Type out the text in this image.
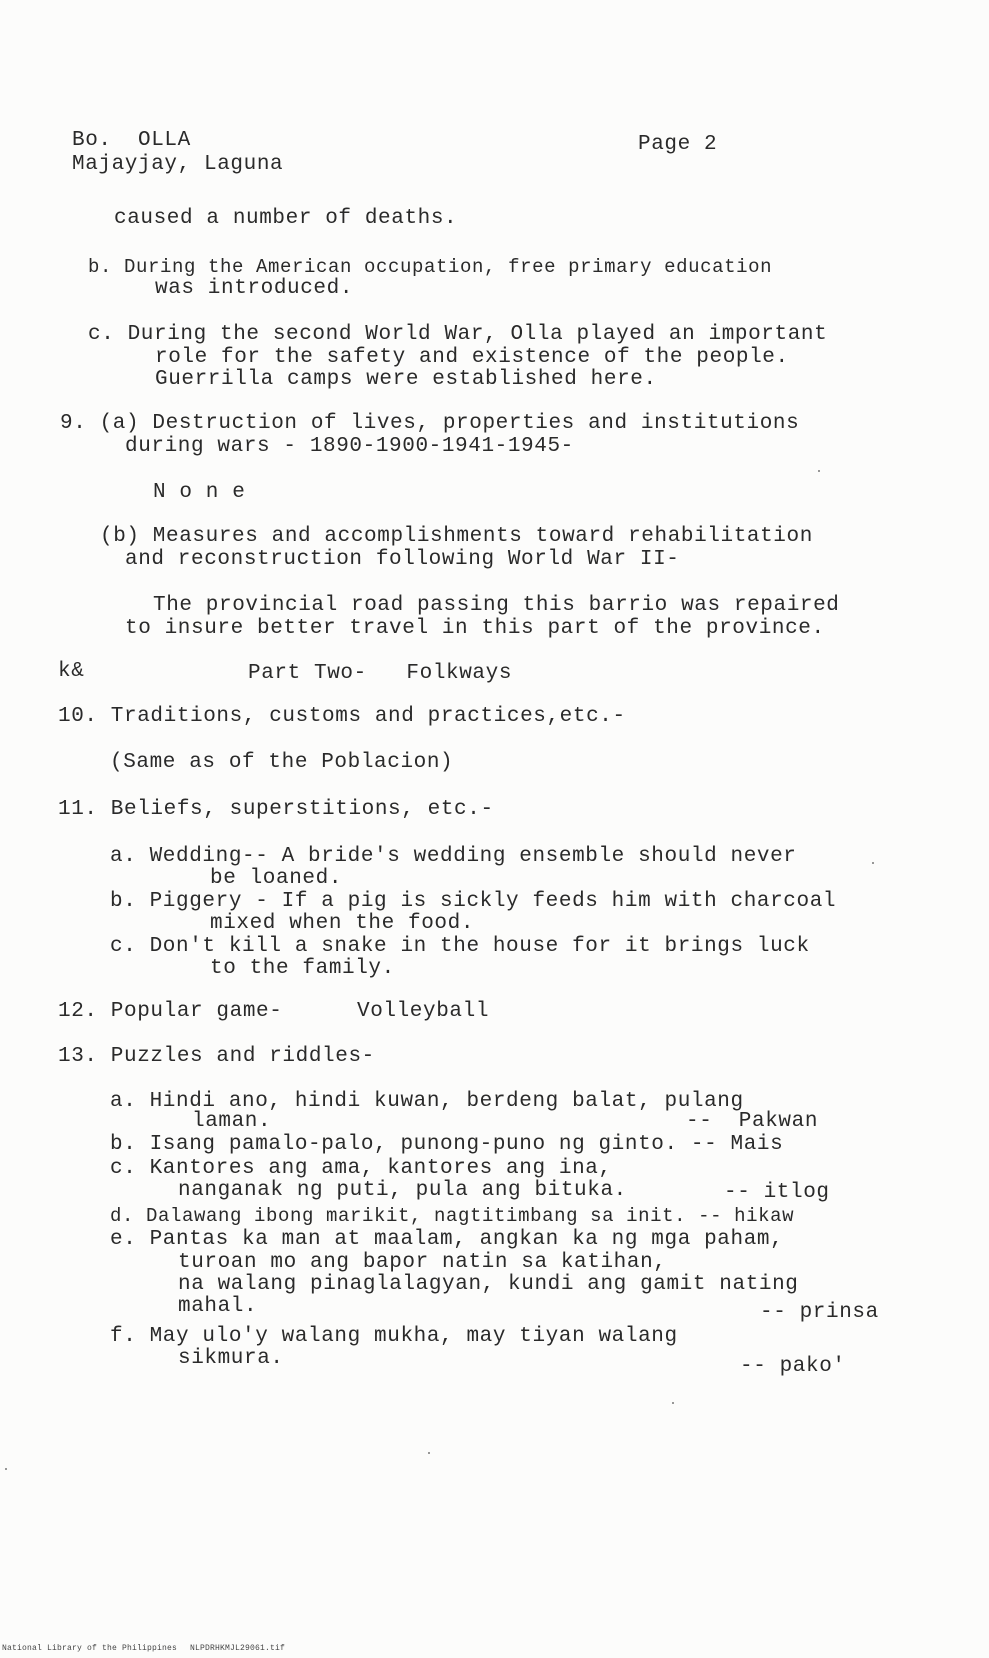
Bo.  OLLA
Majayjay, Laguna
Page 2
caused a number of deaths.
b. During the American occupation, free primary education
was introduced.
c. During the second World War, Olla played an important
role for the safety and existence of the people.
Guerrilla camps were established here.
9. (a) Destruction of lives, properties and institutions
during wars - 1890-1900-1941-1945-
N o n e
(b) Measures and accomplishments toward rehabilitation
and reconstruction following World War II-
The provincial road passing this barrio was repaired
to insure better travel in this part of the province.
k&	Part Two-   Folkways
10. Traditions, customs and practices,etc.-
(Same as of the Poblacion)
11. Beliefs, superstitions, etc.-
a. Wedding-- A bride's wedding ensemble should never
be loaned.
b. Piggery - If a pig is sickly feeds him with charcoal
mixed when the food.
c. Don't kill a snake in the house for it brings luck
to the family.
12. Popular game-	Volleyball
13. Puzzles and riddles-
a. Hindi ano, hindi kuwan, berdeng balat, pulang
laman.	--  Pakwan
b. Isang pamalo-palo, punong-puno ng ginto. -- Mais
c. Kantores ang ama, kantores ang ina,
nanganak ng puti, pula ang bituka.	-- itlog
d. Dalawang ibong marikit, nagtitimbang sa init. -- hikaw
e. Pantas ka man at maalam, angkan ka ng mga paham,
turoan mo ang bapor natin sa katihan,
na walang pinaglalagyan, kundi ang gamit nating
mahal.	-- prinsa
f. May ulo'y walang mukha, may tiyan walang
sikmura.	-- pako'
National Library of the Philippines NLPDRHKMJL29061.tif
